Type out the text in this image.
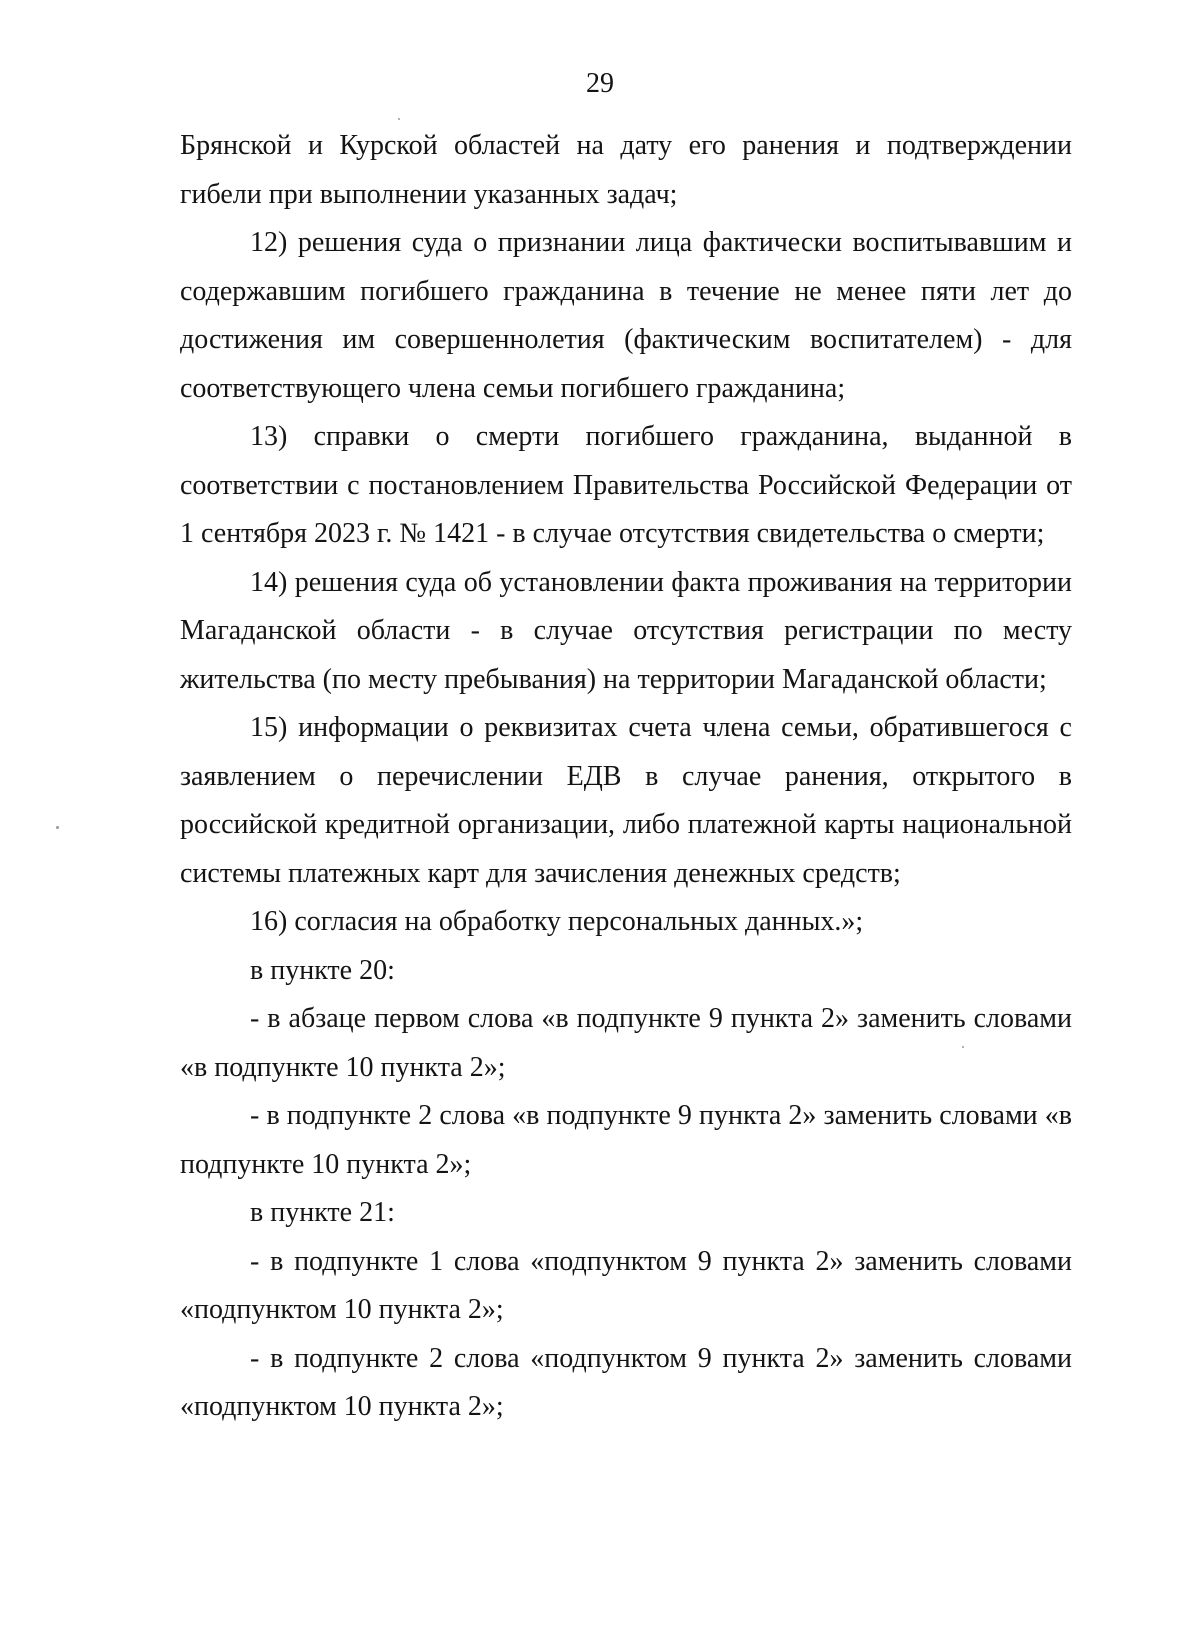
29

Брянской и Курской областей на дату его ранения и подтверждении гибели при выполнении указанных задач;

12) решения суда о признании лица фактически воспитывавшим и содержавшим погибшего гражданина в течение не менее пяти лет до достижения им совершеннолетия (фактическим воспитателем) - для соответствующего члена семьи погибшего гражданина;

13) справки о смерти погибшего гражданина, выданной в соответствии с постановлением Правительства Российской Федерации от 1 сентября 2023 г. № 1421 - в случае отсутствия свидетельства о смерти;

14) решения суда об установлении факта проживания на территории Магаданской области - в случае отсутствия регистрации по месту жительства (по месту пребывания) на территории Магаданской области;

15) информации о реквизитах счета члена семьи, обратившегося с заявлением о перечислении ЕДВ в случае ранения, открытого в российской кредитной организации, либо платежной карты национальной системы платежных карт для зачисления денежных средств;

16) согласия на обработку персональных данных.»;

в пункте 20:

- в абзаце первом слова «в подпункте 9 пункта 2» заменить словами «в подпункте 10 пункта 2»;

- в подпункте 2 слова «в подпункте 9 пункта 2» заменить словами «в подпункте 10 пункта 2»;

в пункте 21:

- в подпункте 1 слова «подпунктом 9 пункта 2» заменить словами «подпунктом 10 пункта 2»;

- в подпункте 2 слова «подпунктом 9 пункта 2» заменить словами «подпунктом 10 пункта 2»;
